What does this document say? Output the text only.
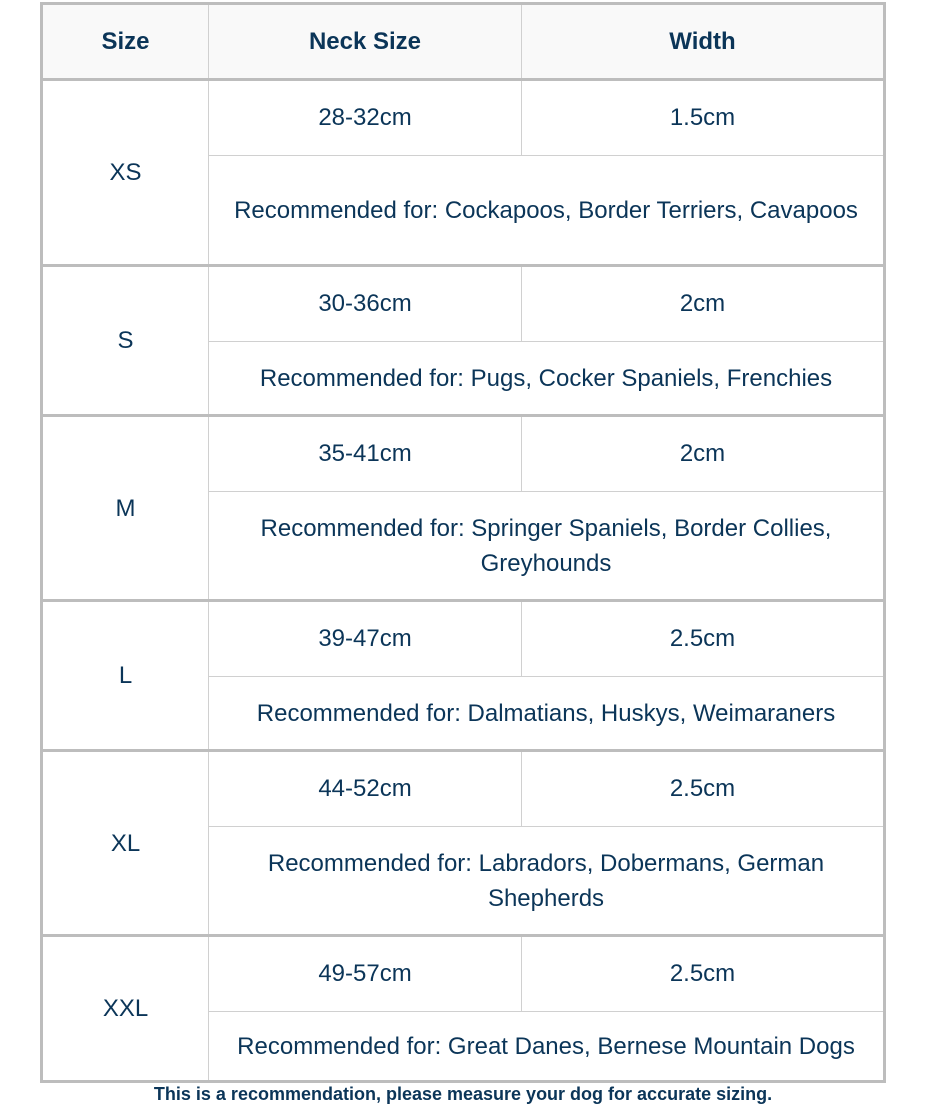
Size	Neck Size	Width
XS
28-32cm	1.5cm
Recommended for: Cockapoos, Border Terriers, Cavapoos
S
30-36cm	2cm
Recommended for: Pugs, Cocker Spaniels, Frenchies
M
35-41cm	2cm
Recommended for: Springer Spaniels, Border Collies, Greyhounds
L
39-47cm	2.5cm
Recommended for: Dalmatians, Huskys, Weimaraners
XL
44-52cm	2.5cm
Recommended for: Labradors, Dobermans, German Shepherds
XXL
49-57cm	2.5cm
Recommended for: Great Danes, Bernese Mountain Dogs
This is a recommendation, please measure your dog for accurate sizing.
